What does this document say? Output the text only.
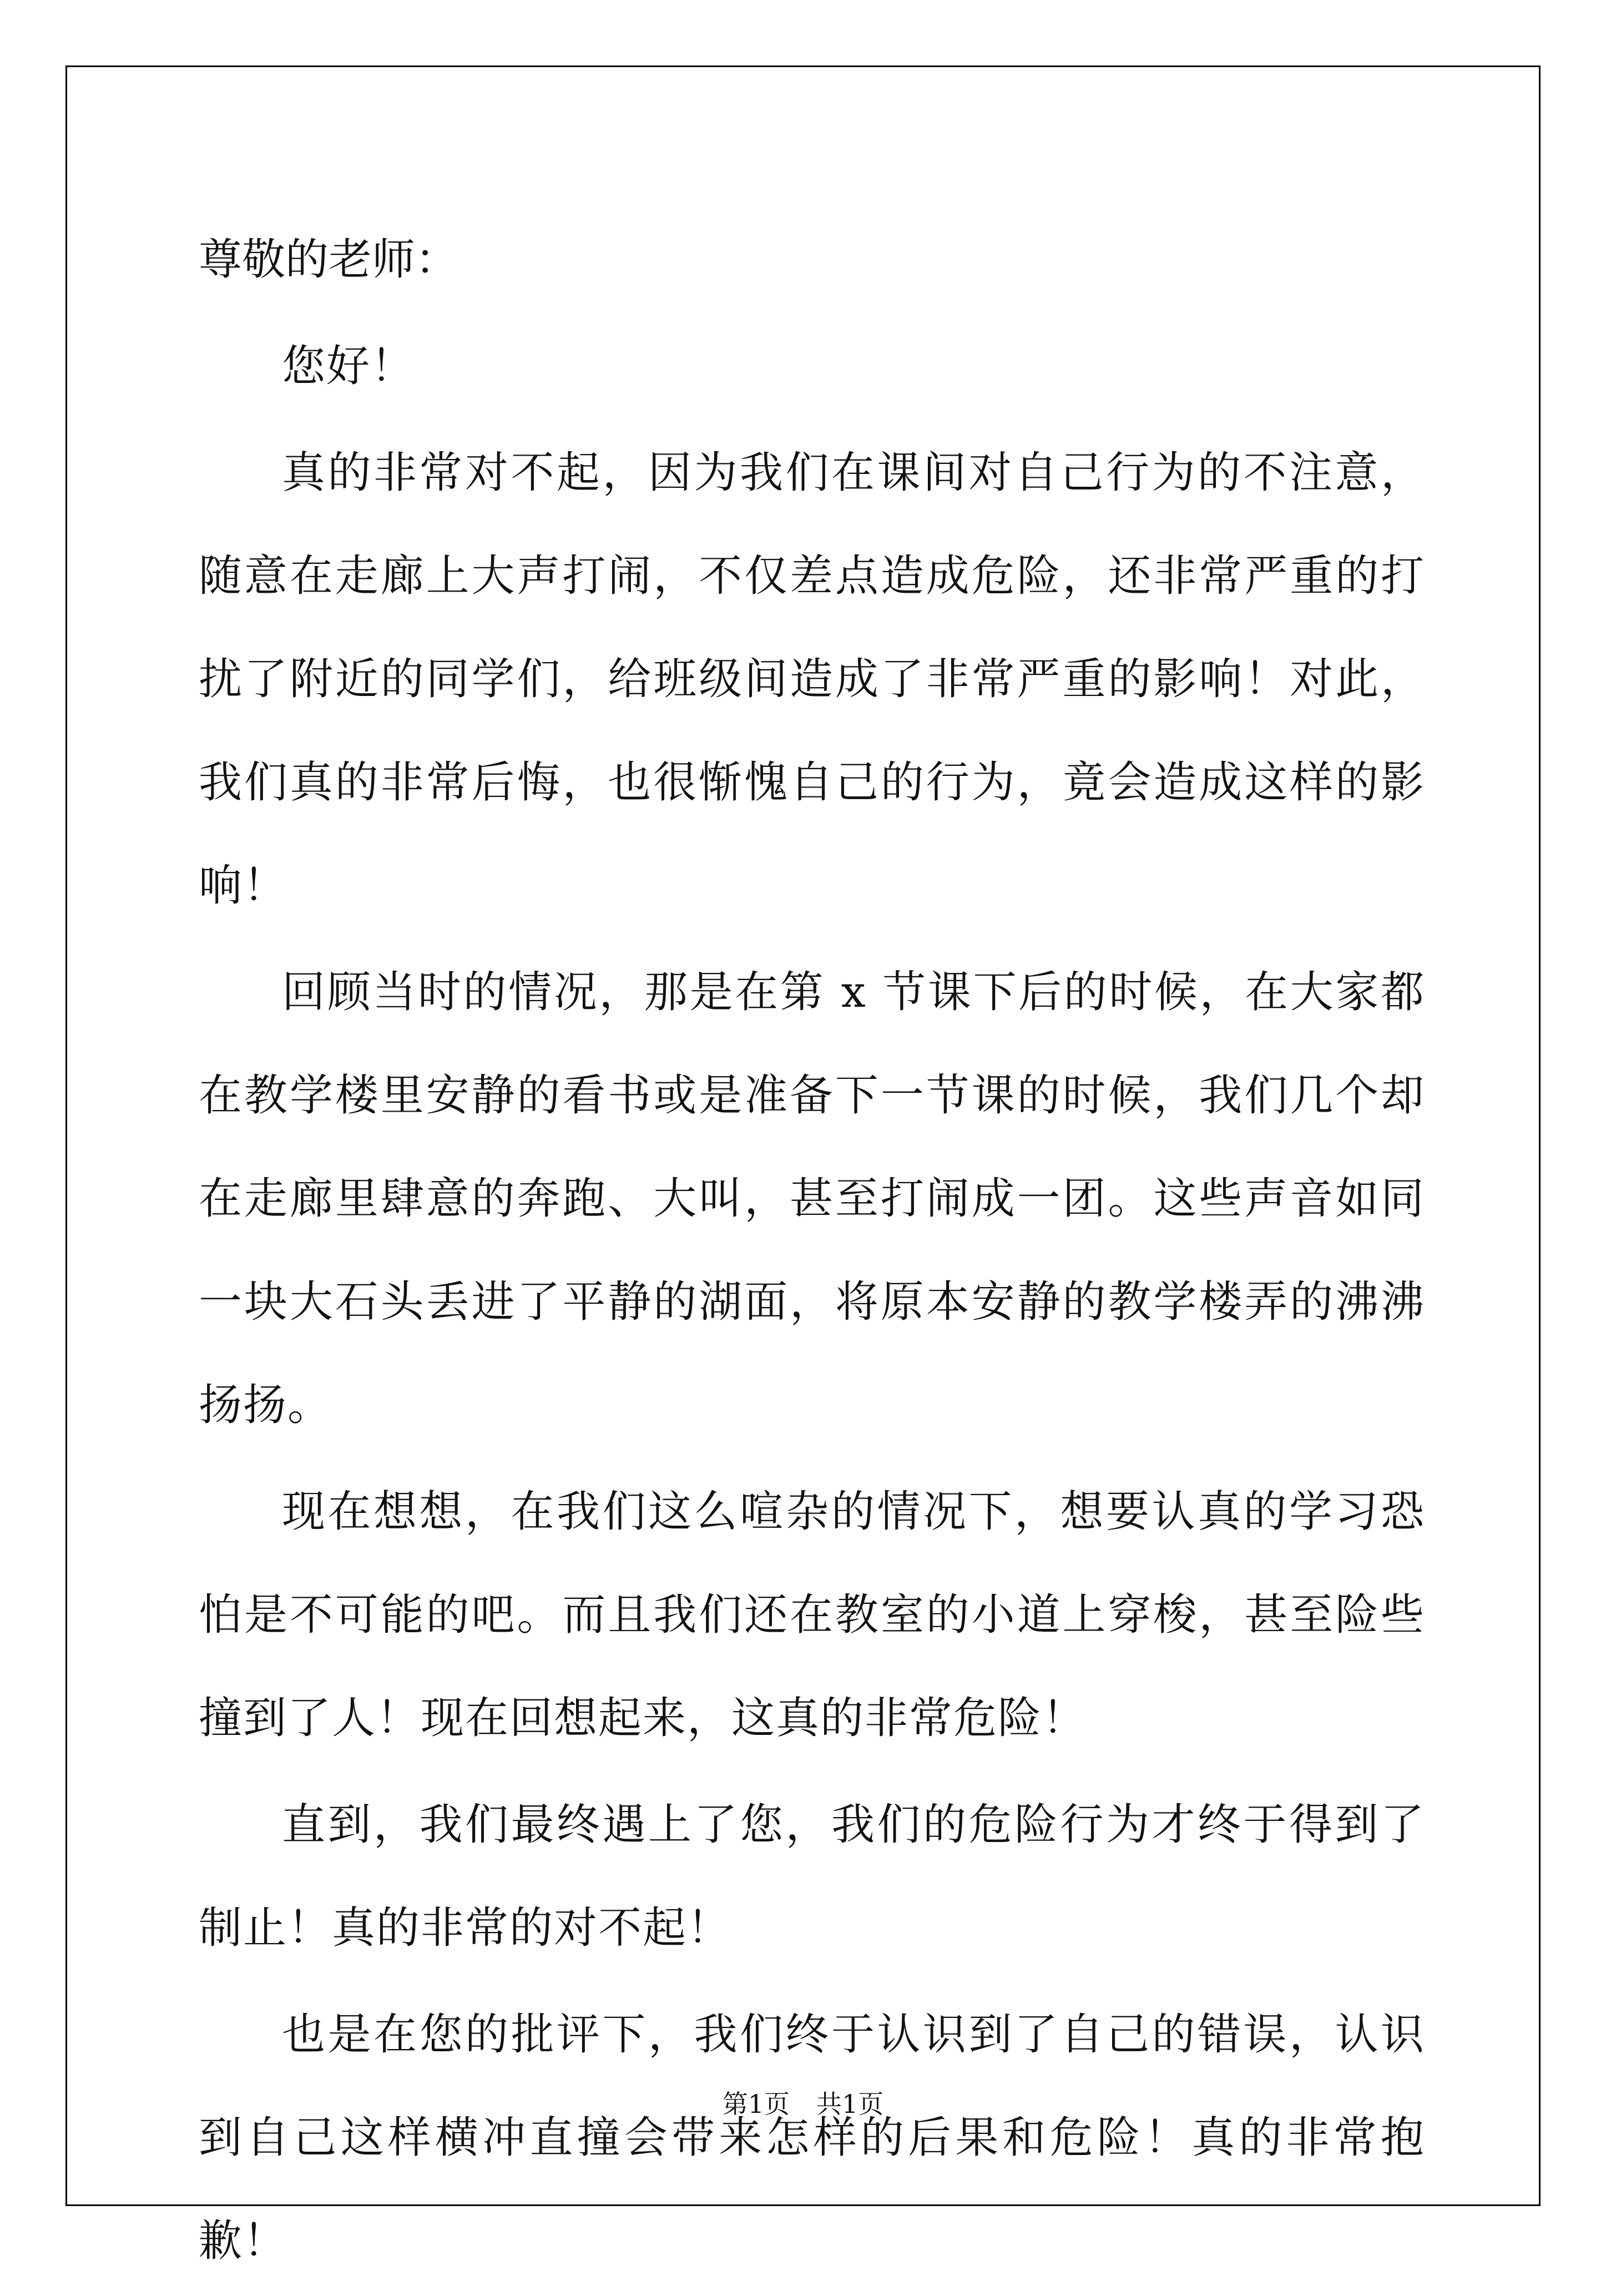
尊敬的老师：

您好！

真的非常对不起，因为我们在课间对自己行为的不注意，随意在走廊上大声打闹，不仅差点造成危险，还非常严重的打扰了附近的同学们，给班级间造成了非常严重的影响！对此，我们真的非常后悔，也很惭愧自己的行为，竟会造成这样的影响！

回顾当时的情况，那是在第 x 节课下后的时候，在大家都在教学楼里安静的看书或是准备下一节课的时候，我们几个却在走廊里肆意的奔跑、大叫，甚至打闹成一团。这些声音如同一块大石头丢进了平静的湖面，将原本安静的教学楼弄的沸沸扬扬。

现在想想，在我们这么喧杂的情况下，想要认真的学习恐怕是不可能的吧。而且我们还在教室的小道上穿梭，甚至险些撞到了人！现在回想起来，这真的非常危险！

直到，我们最终遇上了您，我们的危险行为才终于得到了制止！真的非常的对不起！

也是在您的批评下，我们终于认识到了自己的错误，认识到自己这样横冲直撞会带来怎样的后果和危险！真的非常抱歉！

第1页 共1页
